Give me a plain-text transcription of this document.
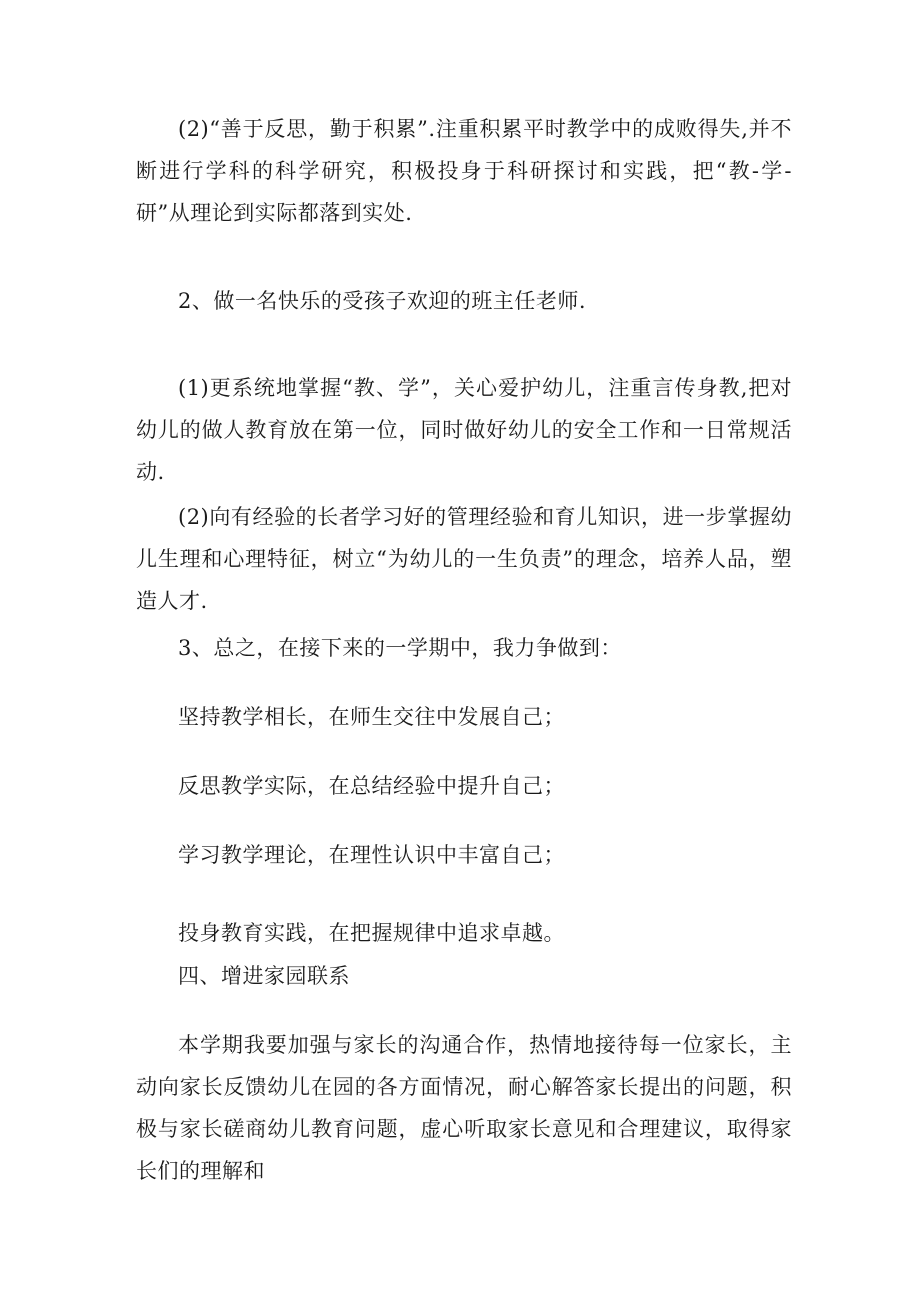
(2)“善于反思，勤于积累”.注重积累平时教学中的成败得失,并不断进行学科的科学研究，积极投身于科研探讨和实践，把“教-学-研”从理论到实际都落到实处.

2、做一名快乐的受孩子欢迎的班主任老师.

(1)更系统地掌握“教、学”，关心爱护幼儿，注重言传身教,把对幼儿的做人教育放在第一位，同时做好幼儿的安全工作和一日常规活动.

(2)向有经验的长者学习好的管理经验和育儿知识，进一步掌握幼儿生理和心理特征，树立“为幼儿的一生负责”的理念，培养人品，塑造人才.

3、总之，在接下来的一学期中，我力争做到：

坚持教学相长，在师生交往中发展自己；

反思教学实际，在总结经验中提升自己；

学习教学理论，在理性认识中丰富自己；

投身教育实践，在把握规律中追求卓越。

四、增进家园联系

本学期我要加强与家长的沟通合作，热情地接待每一位家长，主动向家长反馈幼儿在园的各方面情况，耐心解答家长提出的问题，积极与家长磋商幼儿教育问题，虚心听取家长意见和合理建议，取得家长们的理解和
